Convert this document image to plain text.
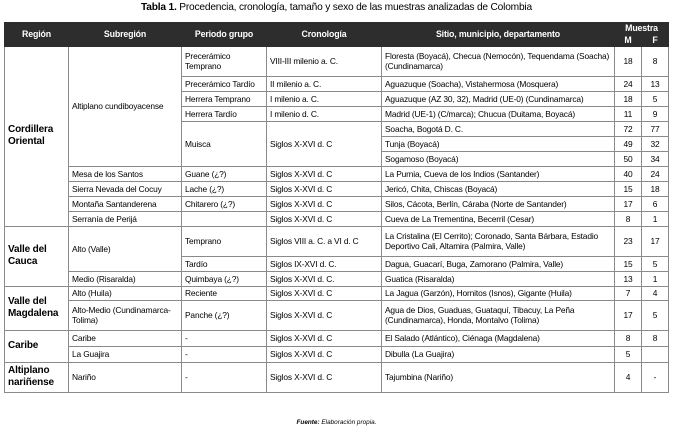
Tabla 1. Procedencia, cronología, tamaño y sexo de las muestras analizadas de Colombia
Región	Subregión	Periodo grupo	Cronología	Sitio, municipio, departamento	Muestra	
					M	F
Cordillera Oriental	Altiplano cundiboyacense	Precerámico Temprano	VIII-III milenio a. C.	Floresta (Boyacá), Checua (Nemocón), Tequendama (Soacha) (Cundinamarca)	18	8
		Precerámico Tardío	II milenio a. C.	Aguazuque (Soacha), Vistahermosa (Mosquera)	24	13
		Herrera Temprano	I milenio a. C.	Aguazuque (AZ 30, 32), Madrid (UE-0) (Cundinamarca)	18	5
		Herrera Tardío	I milenio d. C.	Madrid (UE-1) (C/marca); Chucua (Duitama, Boyacá)	11	9
		Muisca	Siglos X-XVI d. C	Soacha, Bogotá D. C.	72	77
				Tunja (Boyacá)	49	32
				Sogamoso (Boyacá)	50	34
	Mesa de los Santos	Guane (¿?)	Siglos X-XVI d. C	La Purnia, Cueva de los Indios (Santander)	40	24
	Sierra Nevada del Cocuy	Lache (¿?)	Siglos X-XVI d. C	Jericó, Chita, Chiscas (Boyacá)	15	18
	Montaña Santanderena	Chitarero (¿?)	Siglos X-XVI d. C	Silos, Cácota, Berlín, Cáraba (Norte de Santander)	17	6
	Serranía de Perijá		Siglos X-XVI d. C	Cueva de La Trementina, Becerril (Cesar)	8	1
Valle del Cauca	Alto (Valle)	Temprano	Siglos VIII a. C. a VI d. C	La Cristalina (El Cerrito); Coronado, Santa Bárbara, Estadio Deportivo Cali, Altamira (Palmira, Valle)	23	17
		Tardío	Siglos IX-XVI d. C.	Dagua, Guacarí, Buga, Zamorano (Palmira, Valle)	15	5
	Medio (Risaralda)	Quimbaya (¿?)	Siglos X-XVI d. C.	Guatica (Risaralda)	13	1
Valle del Magdalena	Alto (Huila)	Reciente	Siglos X-XVI d. C	La Jagua (Garzón), Hornitos (Isnos), Gigante (Huila)	7	4
	Alto-Medio (Cundinamarca-Tolima)	Panche (¿?)	Siglos X-XVI d. C	Agua de Dios, Guaduas, Guataquí, Tibacuy, La Peña (Cundinamarca), Honda, Montalvo (Tolima)	17	5
Caribe	Caribe	-	Siglos X-XVI d. C	El Salado (Atlántico), Ciénaga (Magdalena)	8	8
	La Guajira	-	Siglos X-XVI d. C	Dibulla (La Guajira)	5	
Altiplano nariñense	Nariño	-	Siglos X-XVI d. C	Tajumbina (Nariño)	4	-
Fuente: Elaboración propia.
